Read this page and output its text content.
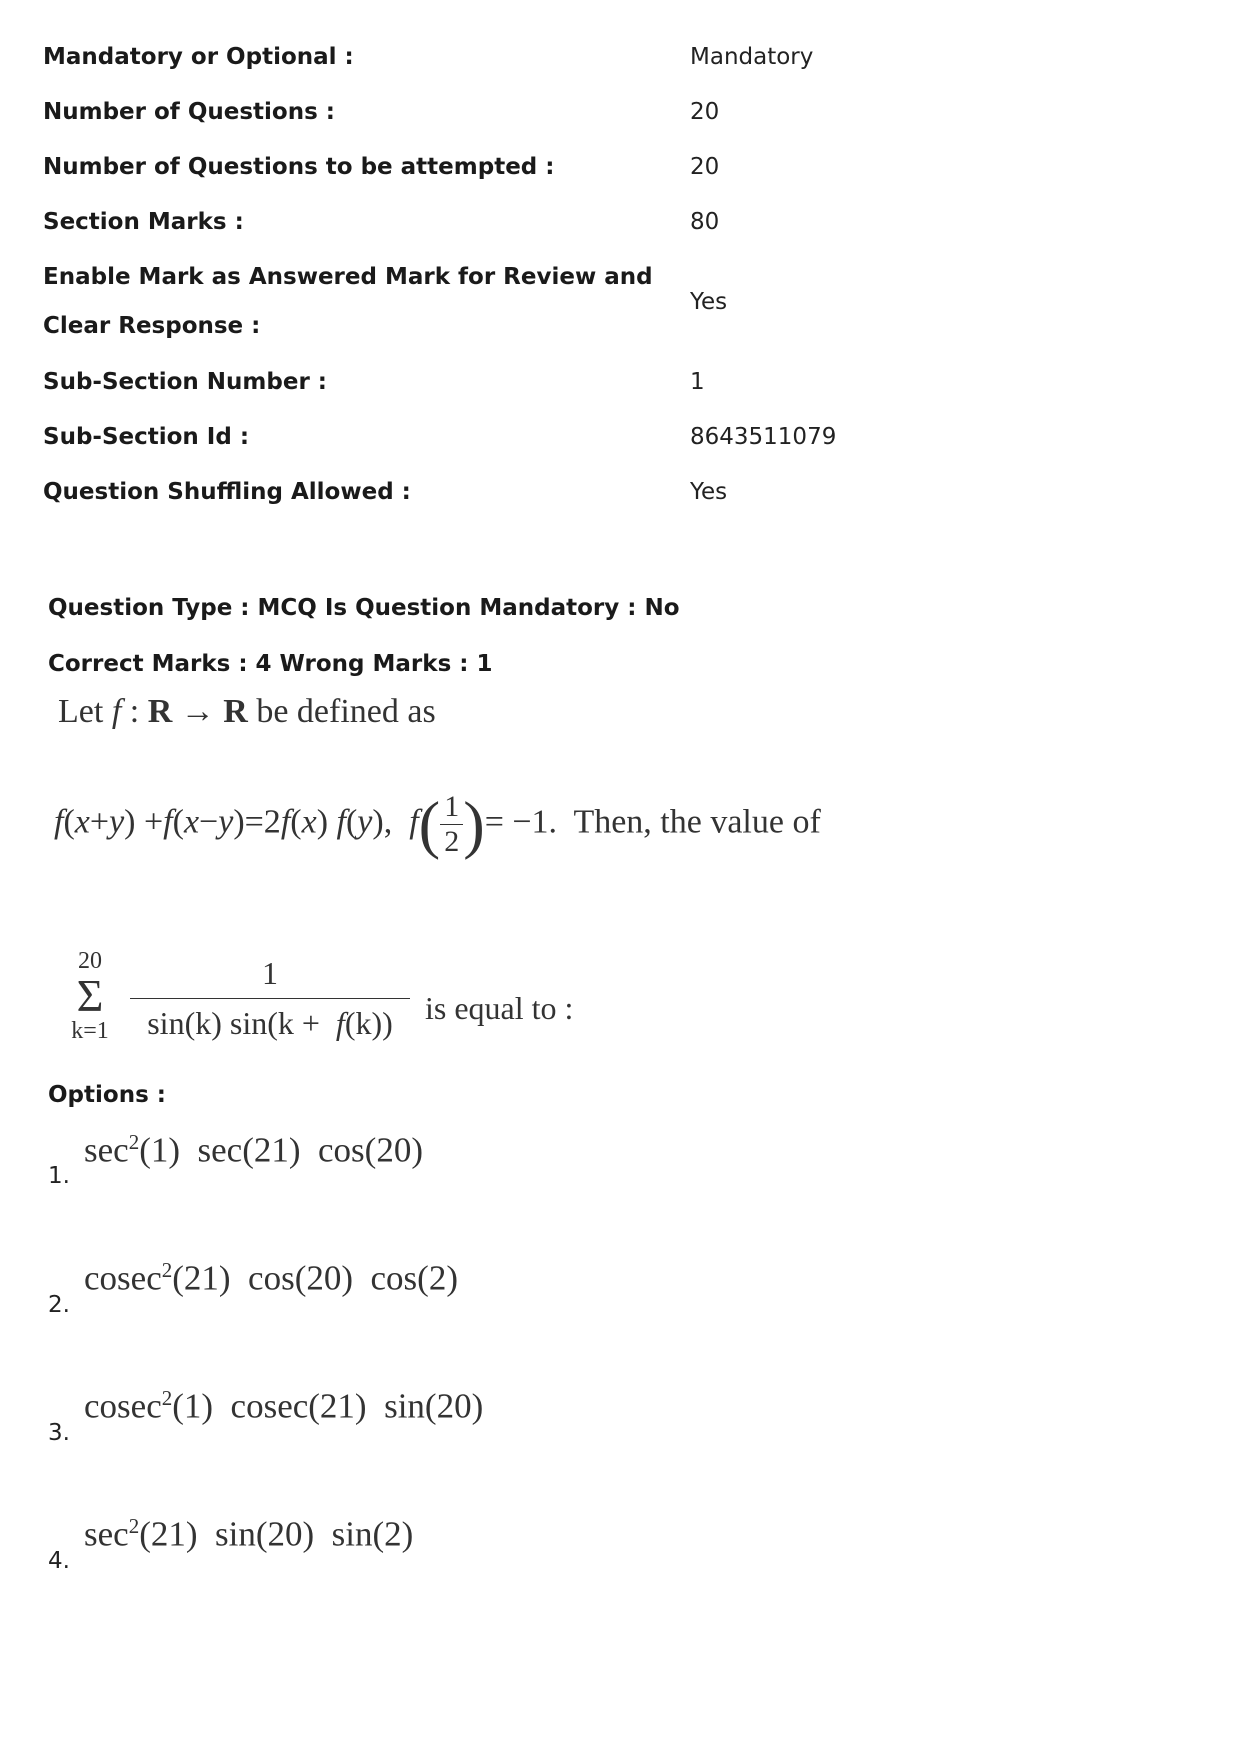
Mandatory or Optional :	Mandatory
Number of Questions :	20
Number of Questions to be attempted :	20
Section Marks :	80
Enable Mark as Answered Mark for Review and
Clear Response :
Yes
Sub-Section Number :	1
Sub-Section Id :	8643511079
Question Shuffling Allowed :	Yes
Question Type : MCQ Is Question Mandatory : No
Correct Marks : 4 Wrong Marks : 1
Let f : R → R be defined as
f(x+y) +f(x−y)=2f(x) f(y),  $f( \frac{1}{2}$ )= −1.  Then, the value of
20
Σ
$k=1 \frac{1}{\sin(k) \sin(k + f(k))}$ is equal to :
Options :
1.
$\sec^2(1)$  sec(21)  cos(20)
2.
cosec$^2$(21)  cos(20)  cos(2)
3.
cosec$^2$(1)  cosec(21)  sin(20)
4.
$\sec^2(21)$  sin(20)  sin(2)
